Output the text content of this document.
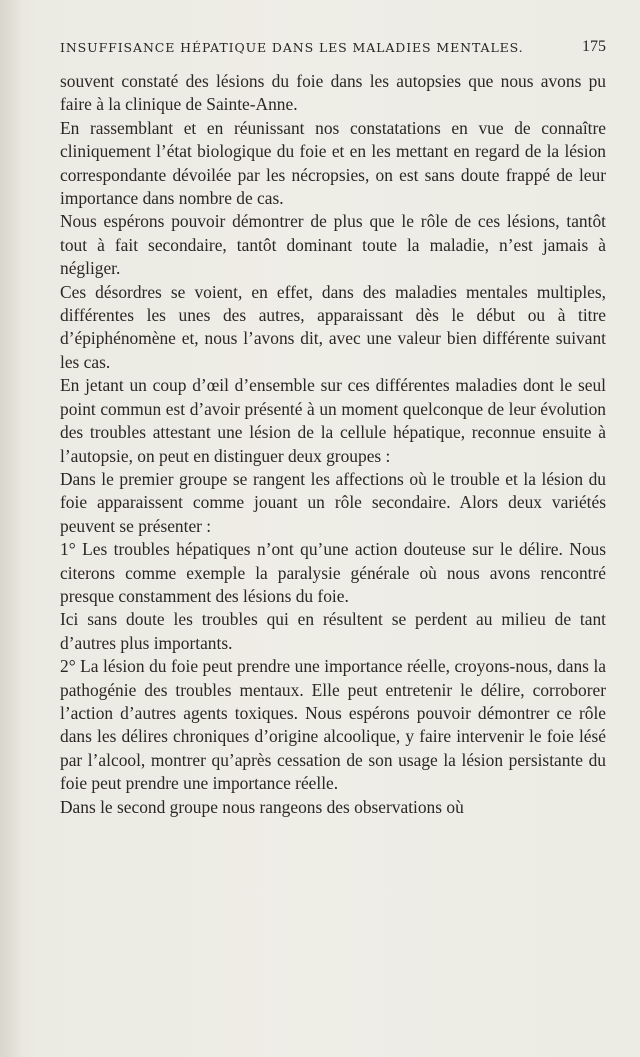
INSUFFISANCE HÉPATIQUE DANS LES MALADIES MENTALES.	175

souvent constaté des lésions du foie dans les autopsies que nous avons pu faire à la clinique de Sainte-Anne.

En rassemblant et en réunissant nos constatations en vue de connaître cliniquement l’état biologique du foie et en les mettant en regard de la lésion correspondante dévoilée par les nécropsies, on est sans doute frappé de leur importance dans nombre de cas.

Nous espérons pouvoir démontrer de plus que le rôle de ces lésions, tantôt tout à fait secondaire, tantôt dominant toute la maladie, n’est jamais à négliger.

Ces désordres se voient, en effet, dans des maladies mentales multiples, différentes les unes des autres, apparaissant dès le début ou à titre d’épiphénomène et, nous l’avons dit, avec une valeur bien différente suivant les cas.

En jetant un coup d’œil d’ensemble sur ces différentes maladies dont le seul point commun est d’avoir présenté à un moment quelconque de leur évolution des troubles attestant une lésion de la cellule hépatique, reconnue ensuite à l’autopsie, on peut en distinguer deux groupes :

Dans le premier groupe se rangent les affections où le trouble et la lésion du foie apparaissent comme jouant un rôle secondaire. Alors deux variétés peuvent se présenter :

1° Les troubles hépatiques n’ont qu’une action douteuse sur le délire. Nous citerons comme exemple la paralysie générale où nous avons rencontré presque constamment des lésions du foie.

Ici sans doute les troubles qui en résultent se perdent au milieu de tant d’autres plus importants.

2° La lésion du foie peut prendre une importance réelle, croyons-nous, dans la pathogénie des troubles mentaux. Elle peut entretenir le délire, corroborer l’action d’autres agents toxiques. Nous espérons pouvoir démontrer ce rôle dans les délires chroniques d’origine alcoolique, y faire intervenir le foie lésé par l’alcool, montrer qu’après cessation de son usage la lésion persistante du foie peut prendre une importance réelle.

Dans le second groupe nous rangeons des observations où
